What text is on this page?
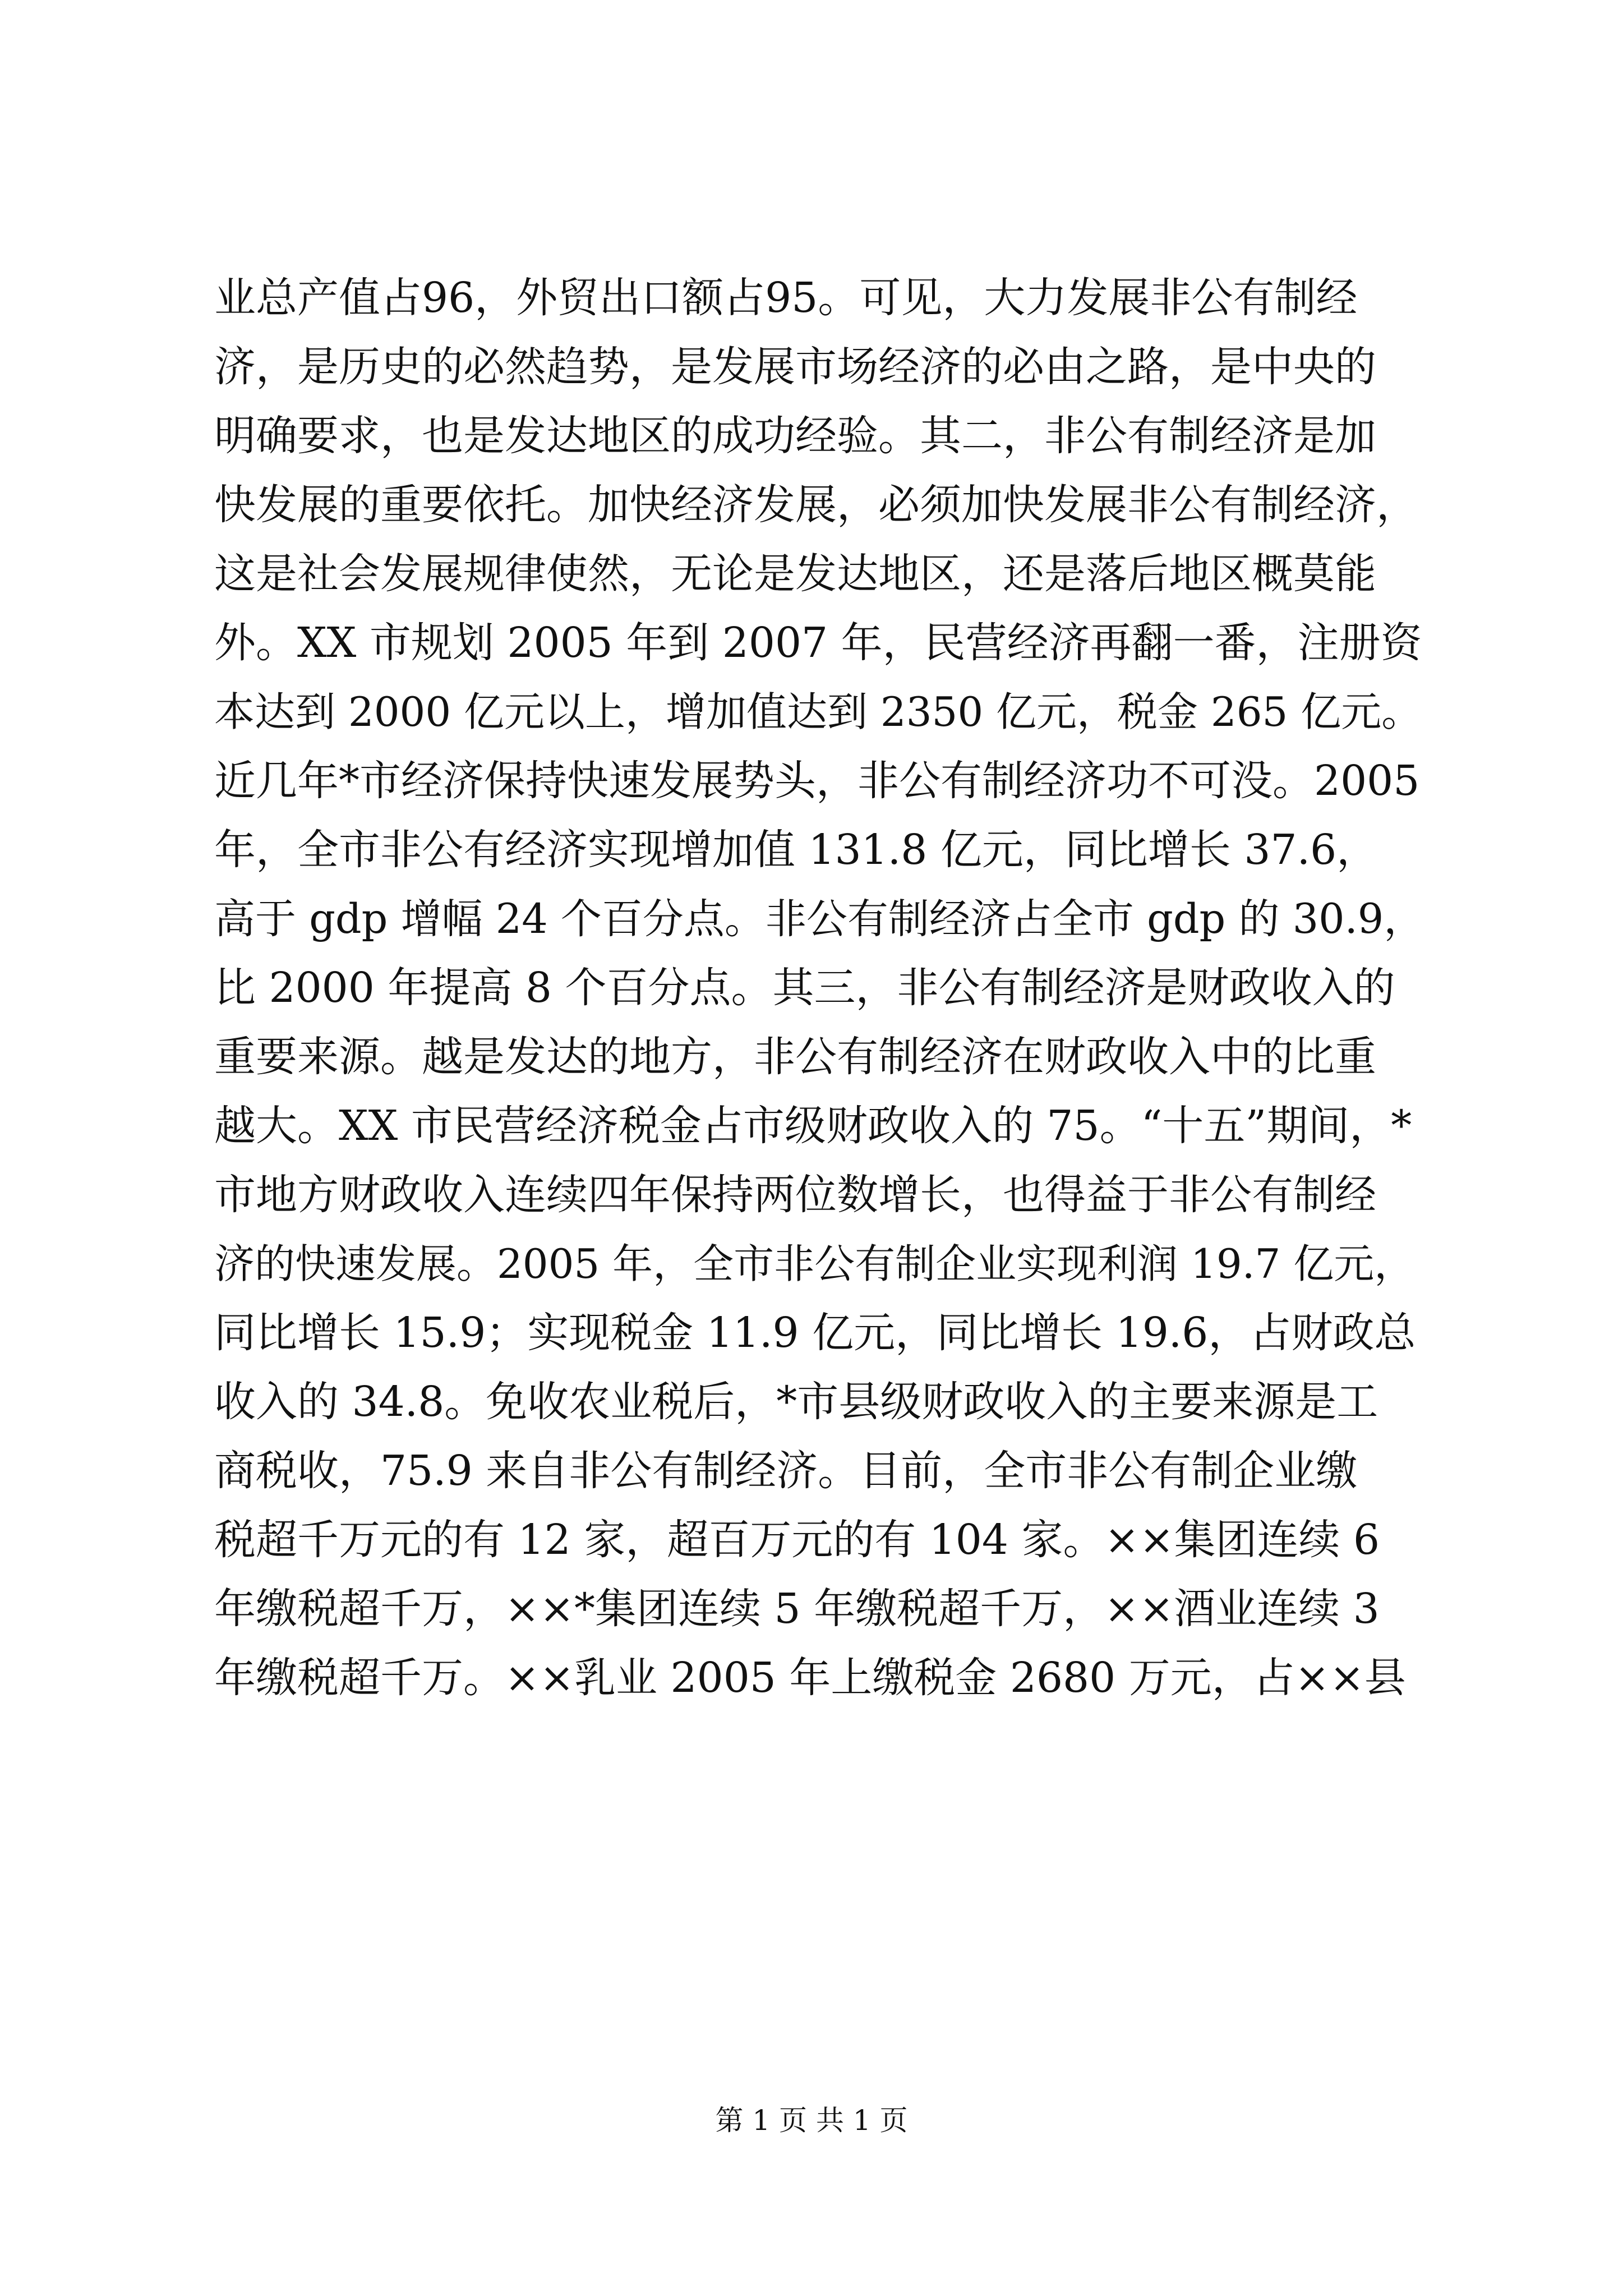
业总产值占96，外贸出口额占95。可见，大力发展非公有制经
济，是历史的必然趋势，是发展市场经济的必由之路，是中央的
明确要求，也是发达地区的成功经验。其二，非公有制经济是加
快发展的重要依托。加快经济发展，必须加快发展非公有制经济，
这是社会发展规律使然，无论是发达地区，还是落后地区概莫能
外。XX 市规划 2005 年到 2007 年，民营经济再翻一番，注册资
本达到 2000 亿元以上，增加值达到 2350 亿元，税金 265 亿元。
近几年*市经济保持快速发展势头，非公有制经济功不可没。2005
年，全市非公有经济实现增加值 131.8 亿元，同比增长 37.6，
高于 gdp 增幅 24 个百分点。非公有制经济占全市 gdp 的 30.9，
比 2000 年提高 8 个百分点。其三，非公有制经济是财政收入的
重要来源。越是发达的地方，非公有制经济在财政收入中的比重
越大。XX 市民营经济税金占市级财政收入的 75。“十五”期间，*
市地方财政收入连续四年保持两位数增长，也得益于非公有制经
济的快速发展。2005 年，全市非公有制企业实现利润 19.7 亿元，
同比增长 15.9；实现税金 11.9 亿元，同比增长 19.6，占财政总
收入的 34.8。免收农业税后，*市县级财政收入的主要来源是工
商税收，75.9 来自非公有制经济。目前，全市非公有制企业缴
税超千万元的有 12 家，超百万元的有 104 家。××集团连续 6
年缴税超千万，××*集团连续 5 年缴税超千万，××酒业连续 3
年缴税超千万。××乳业 2005 年上缴税金 2680 万元，占××县
第 1 页 共 1 页
